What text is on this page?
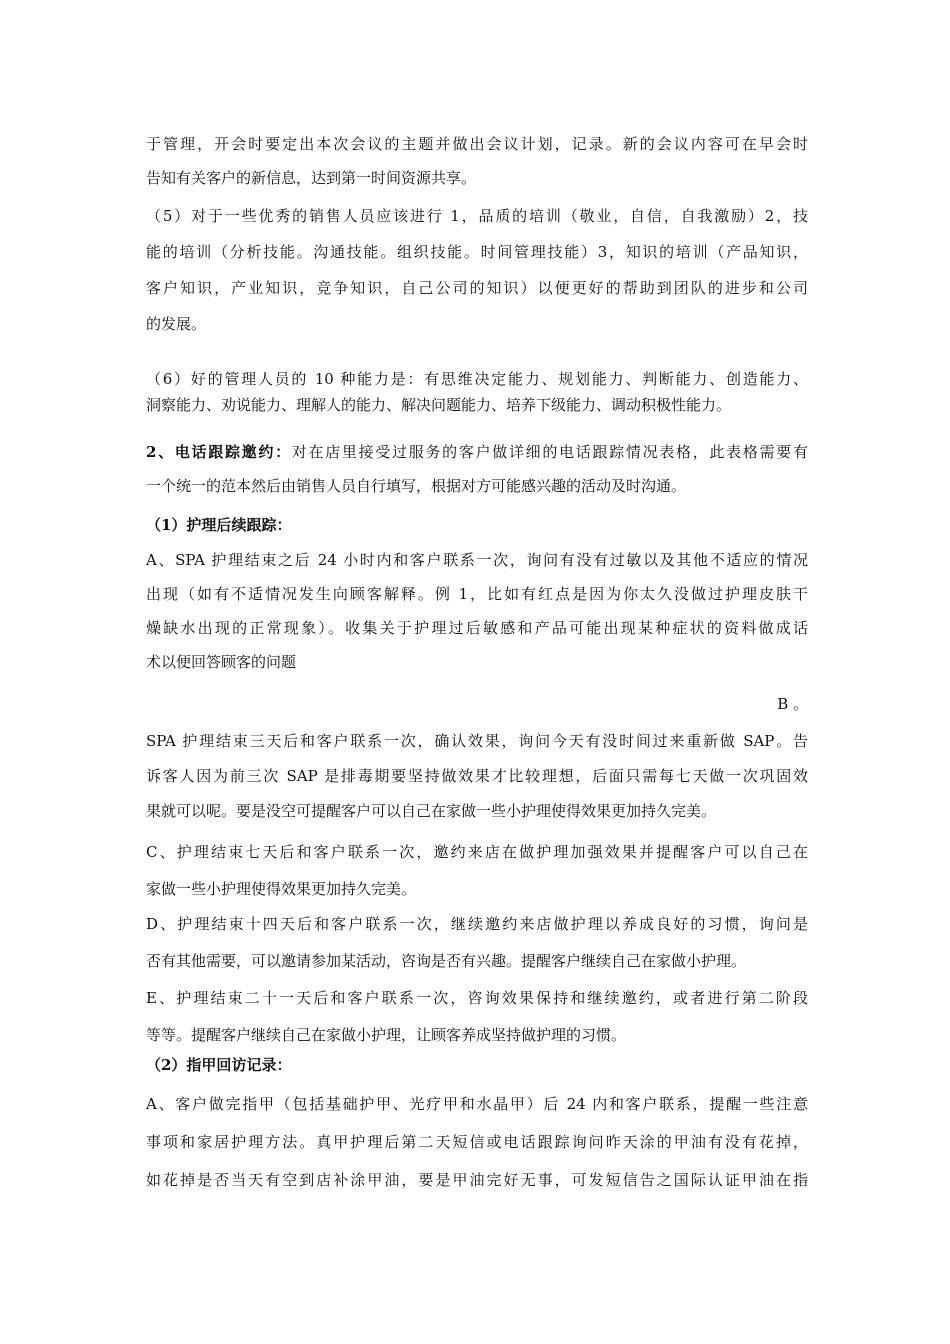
于管理，开会时要定出本次会议的主题并做出会议计划，记录。新的会议内容可在早会时
告知有关客户的新信息，达到第一时间资源共享。
（5）对于一些优秀的销售人员应该进行 1，品质的培训（敬业，自信，自我激励）2，技
能的培训（分析技能。沟通技能。组织技能。时间管理技能）3，知识的培训（产品知识，
客户知识，产业知识，竞争知识，自己公司的知识）以便更好的帮助到团队的进步和公司
的发展。
（6）好的管理人员的 10 种能力是：有思维决定能力、规划能力、判断能力、创造能力、
洞察能力、劝说能力、理解人的能力、解决问题能力、培养下级能力、调动积极性能力。
2、电话跟踪邀约：对在店里接受过服务的客户做详细的电话跟踪情况表格，此表格需要有
一个统一的范本然后由销售人员自行填写，根据对方可能感兴趣的活动及时沟通。
（1）护理后续跟踪：
A、SPA 护理结束之后 24 小时内和客户联系一次，询问有没有过敏以及其他不适应的情况
出现（如有不适情况发生向顾客解释。例 1，比如有红点是因为你太久没做过护理皮肤干
燥缺水出现的正常现象）。收集关于护理过后敏感和产品可能出现某种症状的资料做成话
术以便回答顾客的问题
B 。
SPA 护理结束三天后和客户联系一次，确认效果，询问今天有没时间过来重新做 SAP。告
诉客人因为前三次 SAP 是排毒期要坚持做效果才比较理想，后面只需每七天做一次巩固效
果就可以呢。要是没空可提醒客户可以自己在家做一些小护理使得效果更加持久完美。
C、护理结束七天后和客户联系一次，邀约来店在做护理加强效果并提醒客户可以自己在
家做一些小护理使得效果更加持久完美。
D、护理结束十四天后和客户联系一次，继续邀约来店做护理以养成良好的习惯，询问是
否有其他需要，可以邀请参加某活动，咨询是否有兴趣。提醒客户继续自己在家做小护理。
E、护理结束二十一天后和客户联系一次，咨询效果保持和继续邀约，或者进行第二阶段
等等。提醒客户继续自己在家做小护理，让顾客养成坚持做护理的习惯。
（2）指甲回访记录：
A、客户做完指甲（包括基础护甲、光疗甲和水晶甲）后 24 内和客户联系，提醒一些注意
事项和家居护理方法。真甲护理后第二天短信或电话跟踪询问昨天涂的甲油有没有花掉，
如花掉是否当天有空到店补涂甲油，要是甲油完好无事，可发短信告之国际认证甲油在指
